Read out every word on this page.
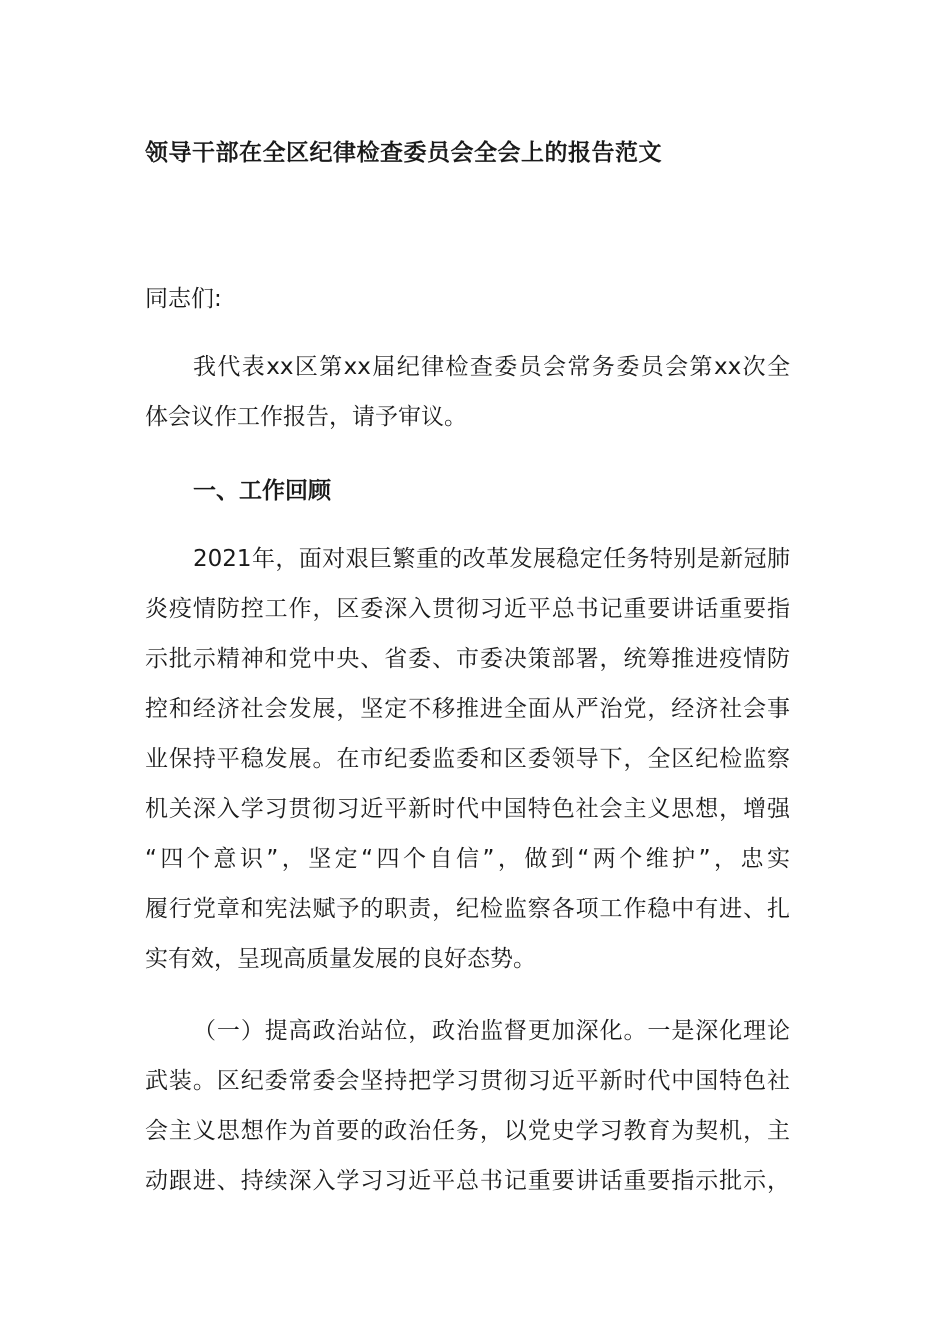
领导干部在全区纪律检查委员会全会上的报告范文

同志们:

我代表xx区第xx届纪律检查委员会常务委员会第xx次全

体会议作工作报告，请予审议。

一、工作回顾

2021年，面对艰巨繁重的改革发展稳定任务特别是新冠肺

炎疫情防控工作，区委深入贯彻习近平总书记重要讲话重要指

示批示精神和党中央、省委、市委决策部署，统筹推进疫情防

控和经济社会发展，坚定不移推进全面从严治党，经济社会事

业保持平稳发展。在市纪委监委和区委领导下，全区纪检监察

机关深入学习贯彻习近平新时代中国特色社会主义思想，增强

“四个意识”，坚定“四个自信”，做到“两个维护”，忠实

履行党章和宪法赋予的职责，纪检监察各项工作稳中有进、扎

实有效，呈现高质量发展的良好态势。

（一）提高政治站位，政治监督更加深化。一是深化理论

武装。区纪委常委会坚持把学习贯彻习近平新时代中国特色社

会主义思想作为首要的政治任务，以党史学习教育为契机，主

动跟进、持续深入学习习近平总书记重要讲话重要指示批示，
